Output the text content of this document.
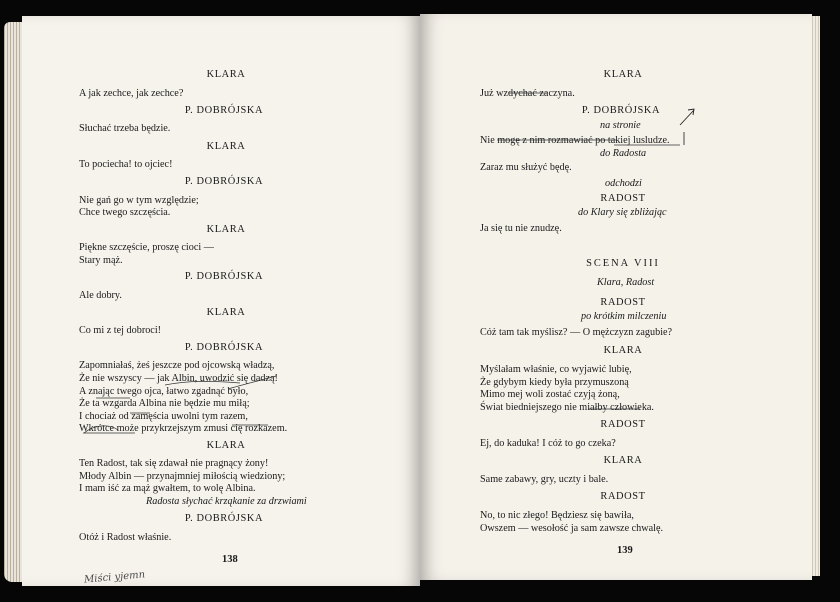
KLARA
A jak zechce, jak zechce?
P. DOBRÓJSKA
Słuchać trzeba będzie.
KLARA
To pociecha! to ojciec!
P. DOBRÓJSKA
Nie gań go w tym względzie;
Chce twego szczęścia.
KLARA
Piękne szczęście, proszę cioci —
Stary mąż.
P. DOBRÓJSKA
Ale dobry.
KLARA
Co mi z tej dobroci!
P. DOBRÓJSKA
Zapomniałaś, żeś jeszcze pod ojcowską władzą,
Że nie wszyscy — jak Albin, uwodzić się dadzą!
A znając twego ojca, łatwo zgadnąć było,
Że ta wzgarda Albina nie będzie mu miłą;
I chociaż od zamęścia uwolni tym razem,
Wkrótce może przykrzejszym zmusi cię rozkazem.
KLARA
Ten Radost, tak się zdawał nie pragnący żony!
Młody Albin — przynajmniej miłością wiedziony;
I mam iść za mąż gwałtem, to wolę Albina.
Radosta słychać krząkanie za drzwiami
P. DOBRÓJSKA
Otóż i Radost właśnie.
138
Miści yjemn
KLARA
Już wzdychać zaczyna.
P. DOBRÓJSKA
na stronie
Nie mogę z nim rozmawiać po takiej lusludze.
do Radosta
Zaraz mu służyć będę.
odchodzi
RADOST
do Klary się zbliżając
Ja się tu nie znudzę.
SCENA VIII
Klara, Radost
RADOST
po krótkim milczeniu
Cóż tam tak myślisz? — O mężczyzn zagubie?
KLARA
Myślałam właśnie, co wyjawić lubię,
Że gdybym kiedy była przymuszoną
Mimo mej woli zostać czyją żoną,
Świat biedniejszego nie miałby człowieka.
RADOST
Ej, do kaduka! I cóż to go czeka?
KLARA
Same zabawy, gry, uczty i bale.
RADOST
No, to nic złego! Będziesz się bawiła,
Owszem — wesołość ja sam zawsze chwalę.
139
